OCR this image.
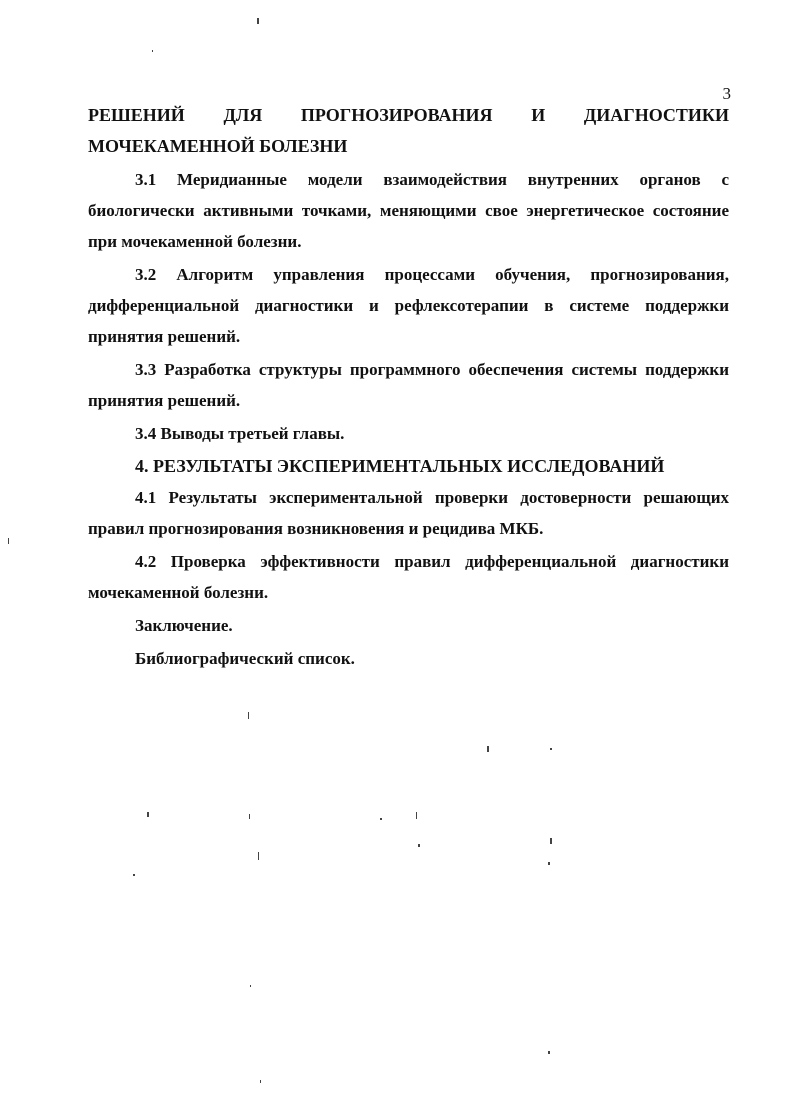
3

РЕШЕНИЙ ДЛЯ ПРОГНОЗИРОВАНИЯ И ДИАГНОСТИКИ

МОЧЕКАМЕННОЙ БОЛЕЗНИ

3.1 Меридианные модели взаимодействия внутренних органов с биологически активными точками, меняющими свое энергетическое состояние при мочекаменной болезни.

3.2 Алгоритм управления процессами обучения, прогнозирования, дифференциальной диагностики и рефлексотерапии в системе поддержки принятия решений.

3.3 Разработка структуры программного обеспечения системы поддержки принятия решений.

3.4 Выводы третьей главы.

4. РЕЗУЛЬТАТЫ ЭКСПЕРИМЕНТАЛЬНЫХ ИССЛЕДОВАНИЙ

4.1 Результаты экспериментальной проверки достоверности решающих правил прогнозирования возникновения и рецидива МКБ.

4.2 Проверка эффективности правил дифференциальной диагностики мочекаменной болезни.

Заключение.

Библиографический список.
